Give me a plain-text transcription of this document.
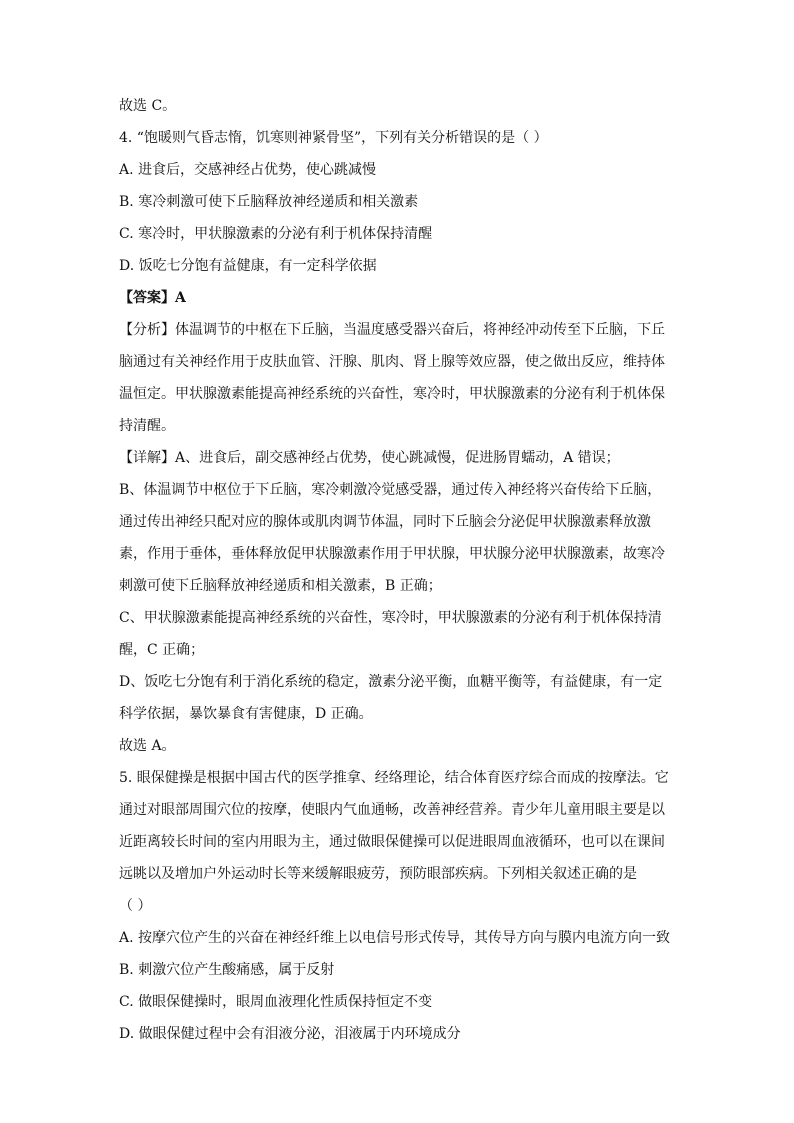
故选 C。
4. “饱暖则气昏志惰，饥寒则神紧骨坚”，下列有关分析错误的是（ ）
A. 进食后，交感神经占优势，使心跳减慢
B. 寒冷刺激可使下丘脑释放神经递质和相关激素
C. 寒冷时，甲状腺激素的分泌有利于机体保持清醒
D. 饭吃七分饱有益健康，有一定科学依据
【答案】A
【分析】体温调节的中枢在下丘脑，当温度感受器兴奋后，将神经冲动传至下丘脑，下丘
脑通过有关神经作用于皮肤血管、汗腺、肌肉、肾上腺等效应器，使之做出反应，维持体
温恒定。甲状腺激素能提高神经系统的兴奋性，寒冷时，甲状腺激素的分泌有利于机体保
持清醒。
【详解】A、进食后，副交感神经占优势，使心跳减慢，促进肠胃蠕动，A 错误；
B、体温调节中枢位于下丘脑，寒冷刺激冷觉感受器，通过传入神经将兴奋传给下丘脑，
通过传出神经只配对应的腺体或肌肉调节体温，同时下丘脑会分泌促甲状腺激素释放激
素，作用于垂体，垂体释放促甲状腺激素作用于甲状腺，甲状腺分泌甲状腺激素，故寒冷
刺激可使下丘脑释放神经递质和相关激素，B 正确；
C、甲状腺激素能提高神经系统的兴奋性，寒冷时，甲状腺激素的分泌有利于机体保持清
醒，C 正确；
D、饭吃七分饱有利于消化系统的稳定，激素分泌平衡，血糖平衡等，有益健康，有一定
科学依据，暴饮暴食有害健康，D 正确。
故选 A。
5. 眼保健操是根据中国古代的医学推拿、经络理论，结合体育医疗综合而成的按摩法。它
通过对眼部周围穴位的按摩，使眼内气血通畅，改善神经营养。青少年儿童用眼主要是以
近距离较长时间的室内用眼为主，通过做眼保健操可以促进眼周血液循环，也可以在课间
远眺以及增加户外运动时长等来缓解眼疲劳，预防眼部疾病。下列相关叙述正确的是
（ ）
A. 按摩穴位产生的兴奋在神经纤维上以电信号形式传导，其传导方向与膜内电流方向一致
B. 刺激穴位产生酸痛感，属于反射
C. 做眼保健操时，眼周血液理化性质保持恒定不变
D. 做眼保健过程中会有泪液分泌，泪液属于内环境成分
